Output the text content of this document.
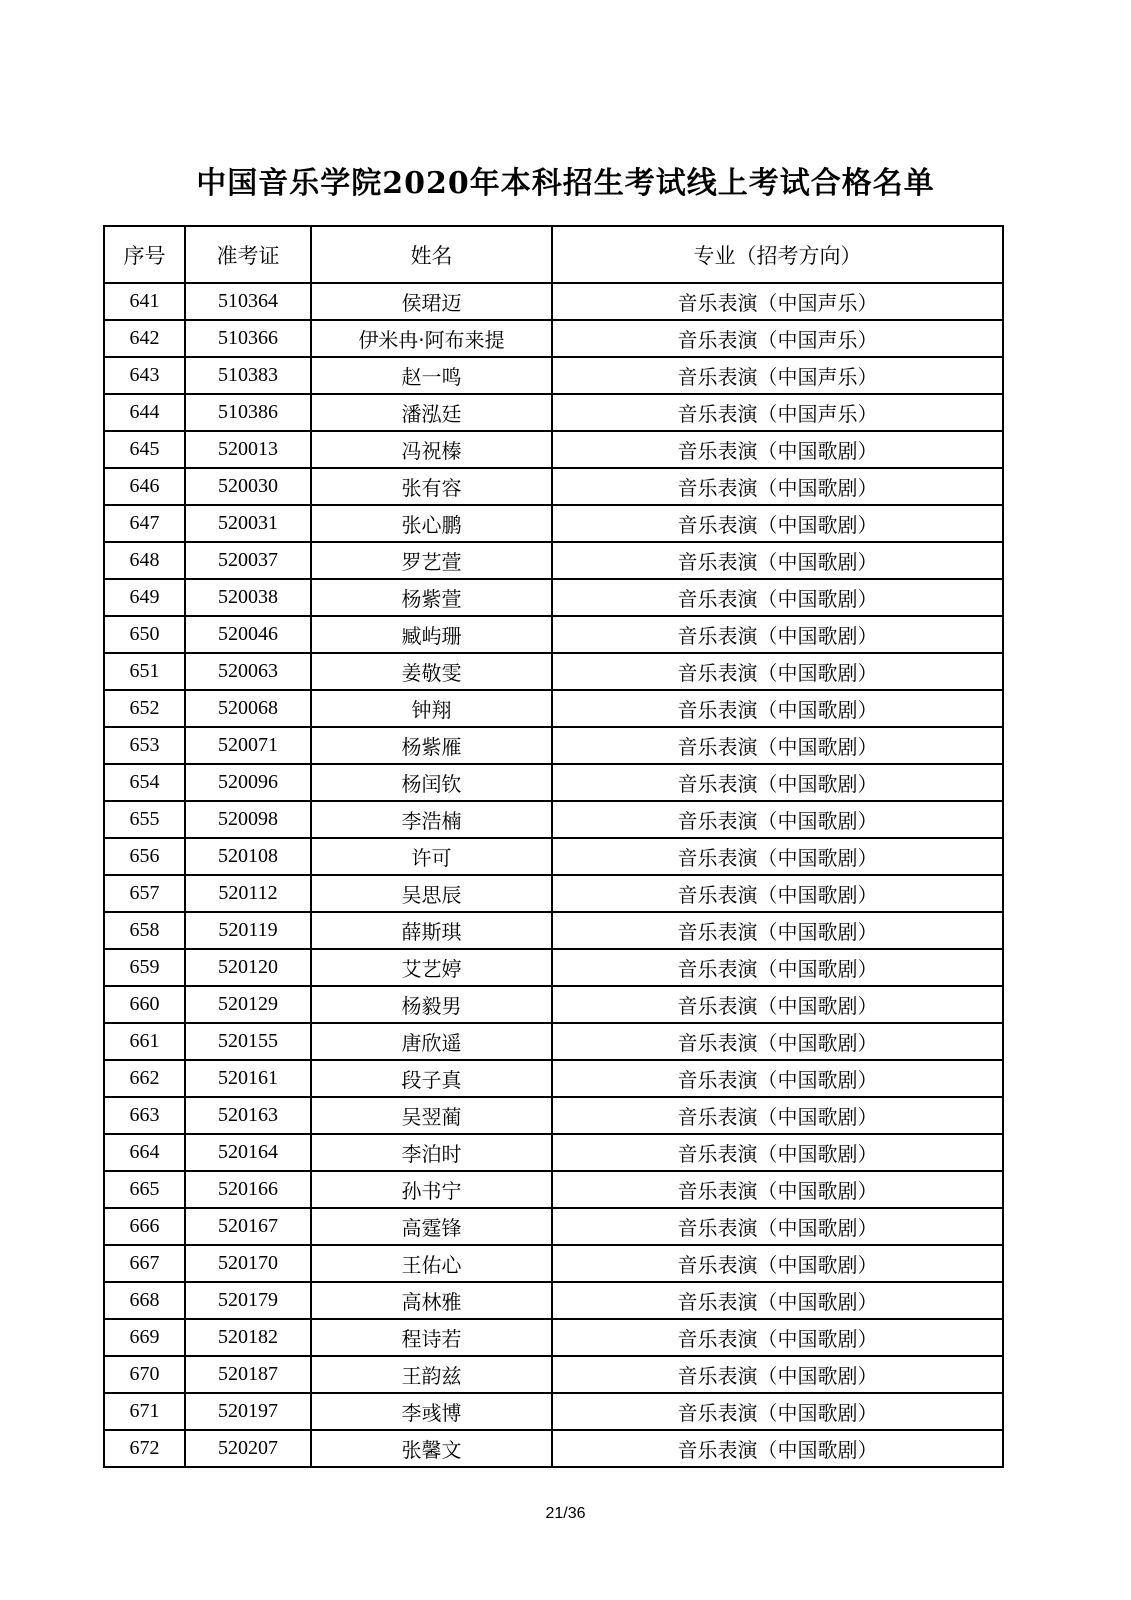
中国音乐学院2020年本科招生考试线上考试合格名单
序号	准考证	姓名	专业（招考方向）
641	510364	侯珺迈	音乐表演（中国声乐）
642	510366	伊米冉·阿布来提	音乐表演（中国声乐）
643	510383	赵一鸣	音乐表演（中国声乐）
644	510386	潘泓廷	音乐表演（中国声乐）
645	520013	冯祝榛	音乐表演（中国歌剧）
646	520030	张有容	音乐表演（中国歌剧）
647	520031	张心鹏	音乐表演（中国歌剧）
648	520037	罗艺萱	音乐表演（中国歌剧）
649	520038	杨紫萱	音乐表演（中国歌剧）
650	520046	臧屿珊	音乐表演（中国歌剧）
651	520063	姜敬雯	音乐表演（中国歌剧）
652	520068	钟翔	音乐表演（中国歌剧）
653	520071	杨紫雁	音乐表演（中国歌剧）
654	520096	杨闰钦	音乐表演（中国歌剧）
655	520098	李浩楠	音乐表演（中国歌剧）
656	520108	许可	音乐表演（中国歌剧）
657	520112	吴思辰	音乐表演（中国歌剧）
658	520119	薛斯琪	音乐表演（中国歌剧）
659	520120	艾艺婷	音乐表演（中国歌剧）
660	520129	杨毅男	音乐表演（中国歌剧）
661	520155	唐欣遥	音乐表演（中国歌剧）
662	520161	段子真	音乐表演（中国歌剧）
663	520163	吴翌蔺	音乐表演（中国歌剧）
664	520164	李泊时	音乐表演（中国歌剧）
665	520166	孙书宁	音乐表演（中国歌剧）
666	520167	高霆锋	音乐表演（中国歌剧）
667	520170	王佑心	音乐表演（中国歌剧）
668	520179	高林雅	音乐表演（中国歌剧）
669	520182	程诗若	音乐表演（中国歌剧）
670	520187	王韵兹	音乐表演（中国歌剧）
671	520197	李彧博	音乐表演（中国歌剧）
672	520207	张馨文	音乐表演（中国歌剧）
21/36
